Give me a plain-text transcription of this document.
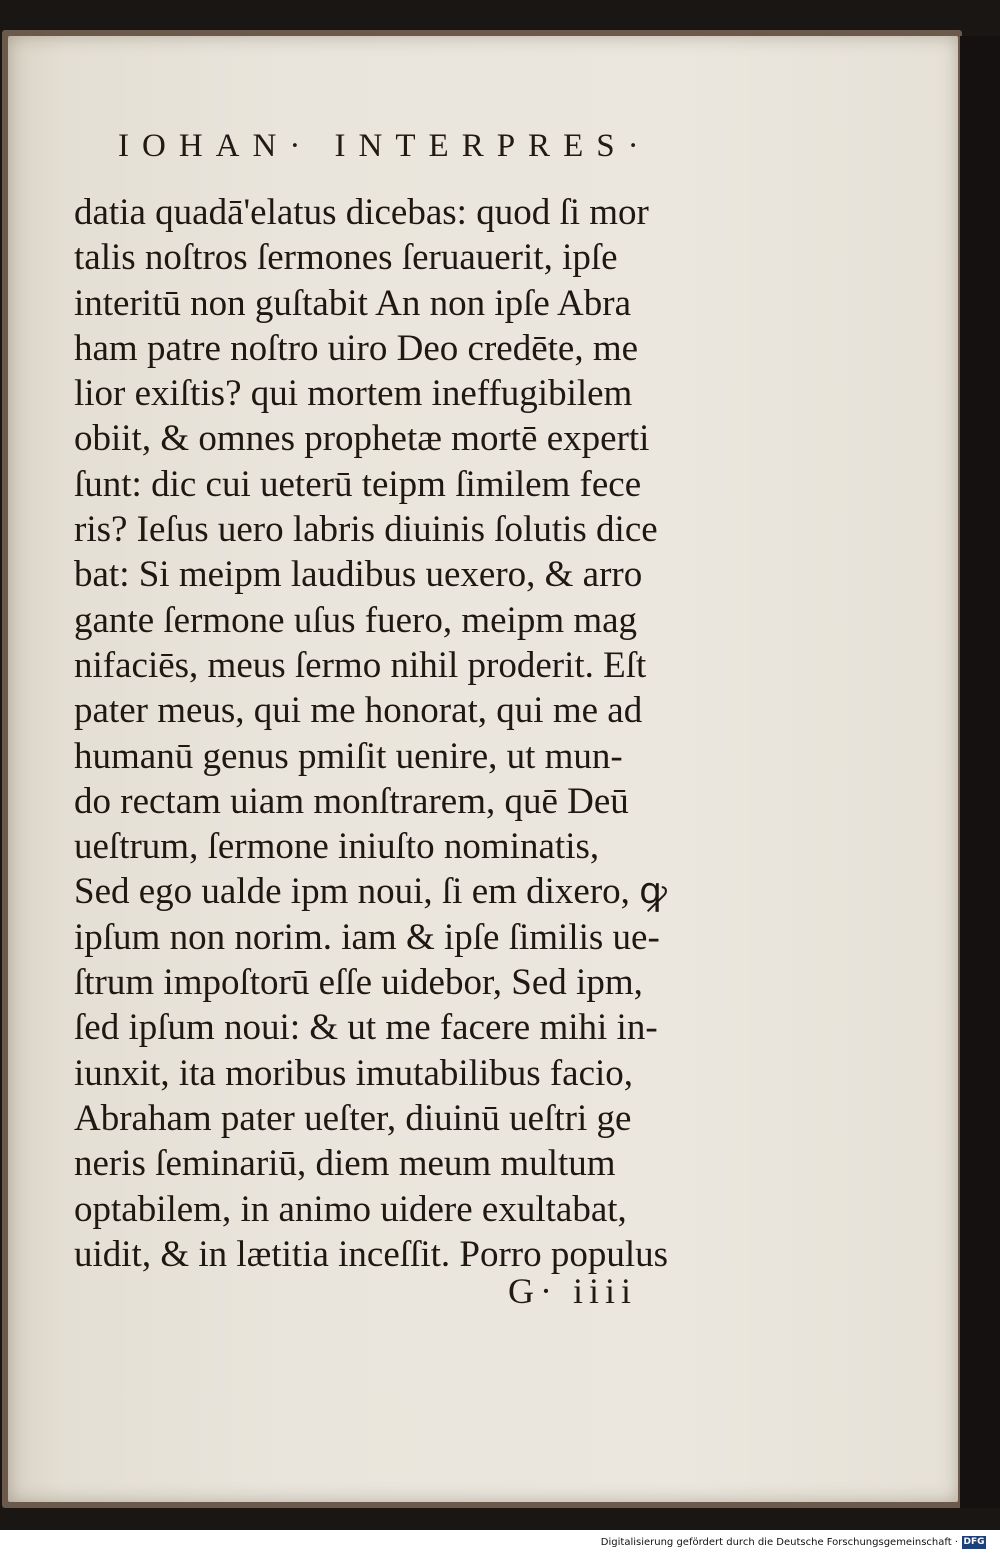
IOHAN· INTERPRES·
datia quadā'elatus dicebas: quod ſi mor
talis noſtros ſermones ſeruauerit, ipſe
interitū non guſtabit An non ipſe Abra
ham patre noſtro uiro Deo credēte, me
lior exiſtis? qui mortem ineffugibilem
obiit, & omnes prophetæ mortē experti
ſunt: dic cui ueterū teipm ſimilem fece
ris? Ieſus uero labris diuinis ſolutis dice
bat: Si meipm laudibus uexero, & arro
gante ſermone uſus fuero, meipm mag
nifaciēs, meus ſermo nihil proderit. Eſt
pater meus, qui me honorat, qui me ad
humanū genus pmiſit uenire, ut mun-
do rectam uiam monſtrarem, quē Deū
ueſtrum, ſermone iniuſto nominatis,
Sed ego ualde ipm noui, ſi em dixero, ꝙ
ipſum non norim. iam & ipſe ſimilis ue-
ſtrum impoſtorū eſſe uidebor, Sed ipm,
ſed ipſum noui: & ut me facere mihi in-
iunxit, ita moribus imutabilibus facio,
Abraham pater ueſter, diuinū ueſtri ge
neris ſeminariū, diem meum multum
optabilem, in animo uidere exultabat,
uidit, & in lætitia inceſſit. Porro populus
G· iiii
Digitalisierung gefördert durch die Deutsche Forschungsgemeinschaft · DFG
